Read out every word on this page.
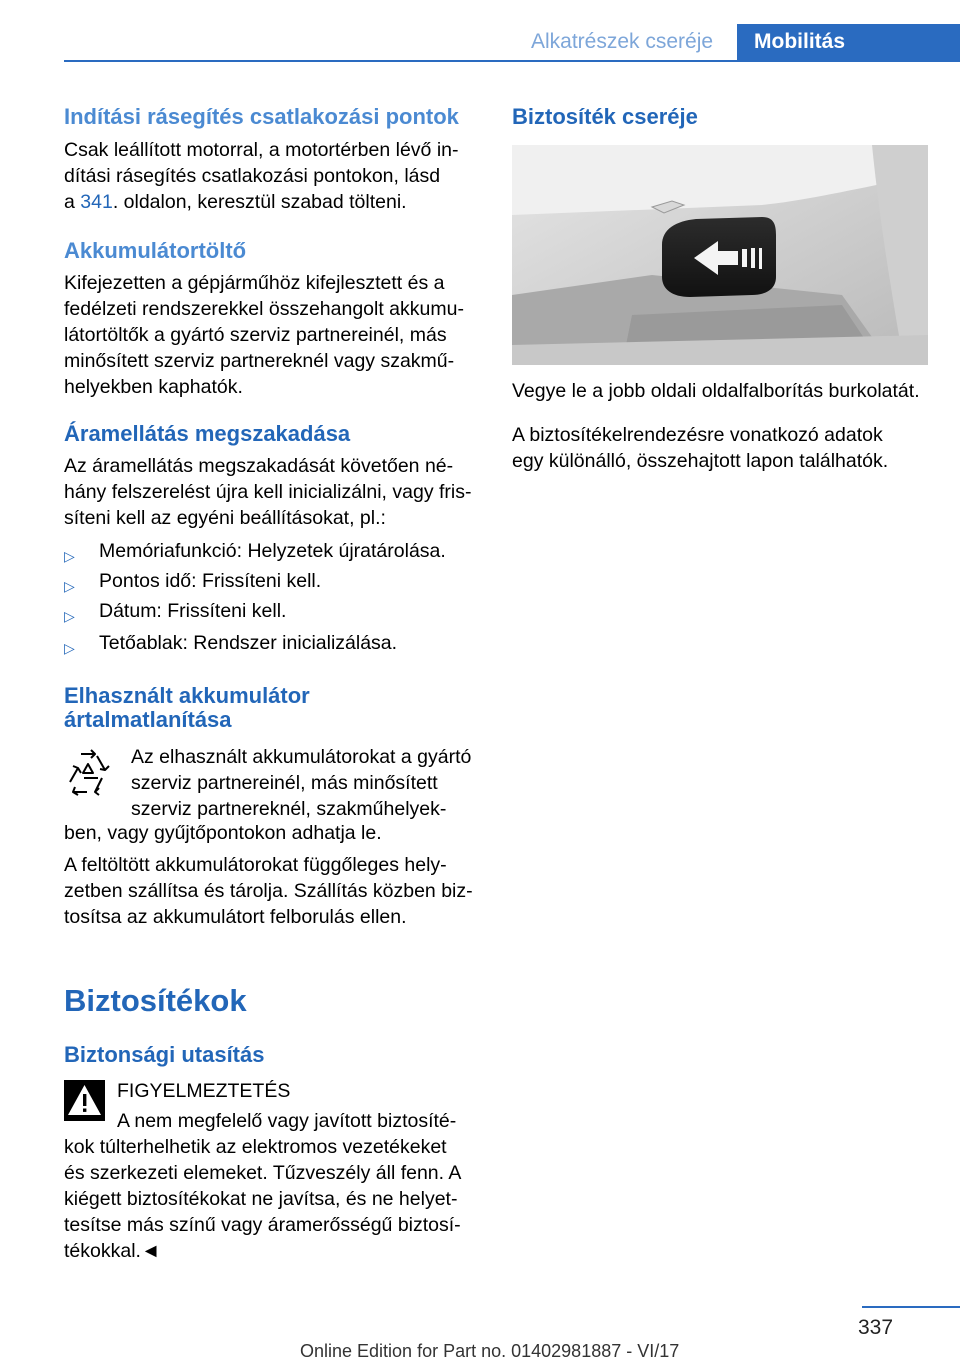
Alkatrészek cseréje	Mobilitás
Indítási rásegítés csatlakozási pontok
Csak leállított motorral, a motortérben lévő in-
dítási rásegítés csatlakozási pontokon, lásd
a 341. oldalon, keresztül szabad tölteni.
Akkumulátortöltő
Kifejezetten a gépjárműhöz kifejlesztett és a
fedélzeti rendszerekkel összehangolt akkumu-
látortöltők a gyártó szerviz partnereinél, más
minősített szerviz partnereknél vagy szakmű-
helyekben kaphatók.
Áramellátás megszakadása
Az áramellátás megszakadását követően né-
hány felszerelést újra kell inicializálni, vagy fris-
síteni kell az egyéni beállításokat, pl.:
▷ Memóriafunkció: Helyzetek újratárolása.
▷ Pontos idő: Frissíteni kell.
▷ Dátum: Frissíteni kell.
▷ Tetőablak: Rendszer inicializálása.
Elhasznált akkumulátor
ártalmatlanítása
Az elhasznált akkumulátorokat a gyártó
szerviz partnereinél, más minősített
szerviz partnereknél, szakműhelyek-
ben, vagy gyűjtőpontokon adhatja le.
A feltöltött akkumulátorokat függőleges hely-
zetben szállítsa és tárolja. Szállítás közben biz-
tosítsa az akkumulátort felborulás ellen.
Biztosítékok
Biztonsági utasítás
FIGYELMEZTETÉS
A nem megfelelő vagy javított biztosíté-
kok túlterhelhetik az elektromos vezetékeket
és szerkezeti elemeket. Tűzveszély áll fenn. A
kiégett biztosítékokat ne javítsa, és ne helyet-
tesítse más színű vagy áramerősségű biztosí-
tékokkal.◄
Biztosíték cseréje
Vegye le a jobb oldali oldalfalborítás burkolatát.
A biztosítékelrendezésre vonatkozó adatok
egy különálló, összehajtott lapon találhatók.
337
Online Edition for Part no. 01402981887 - VI/17
